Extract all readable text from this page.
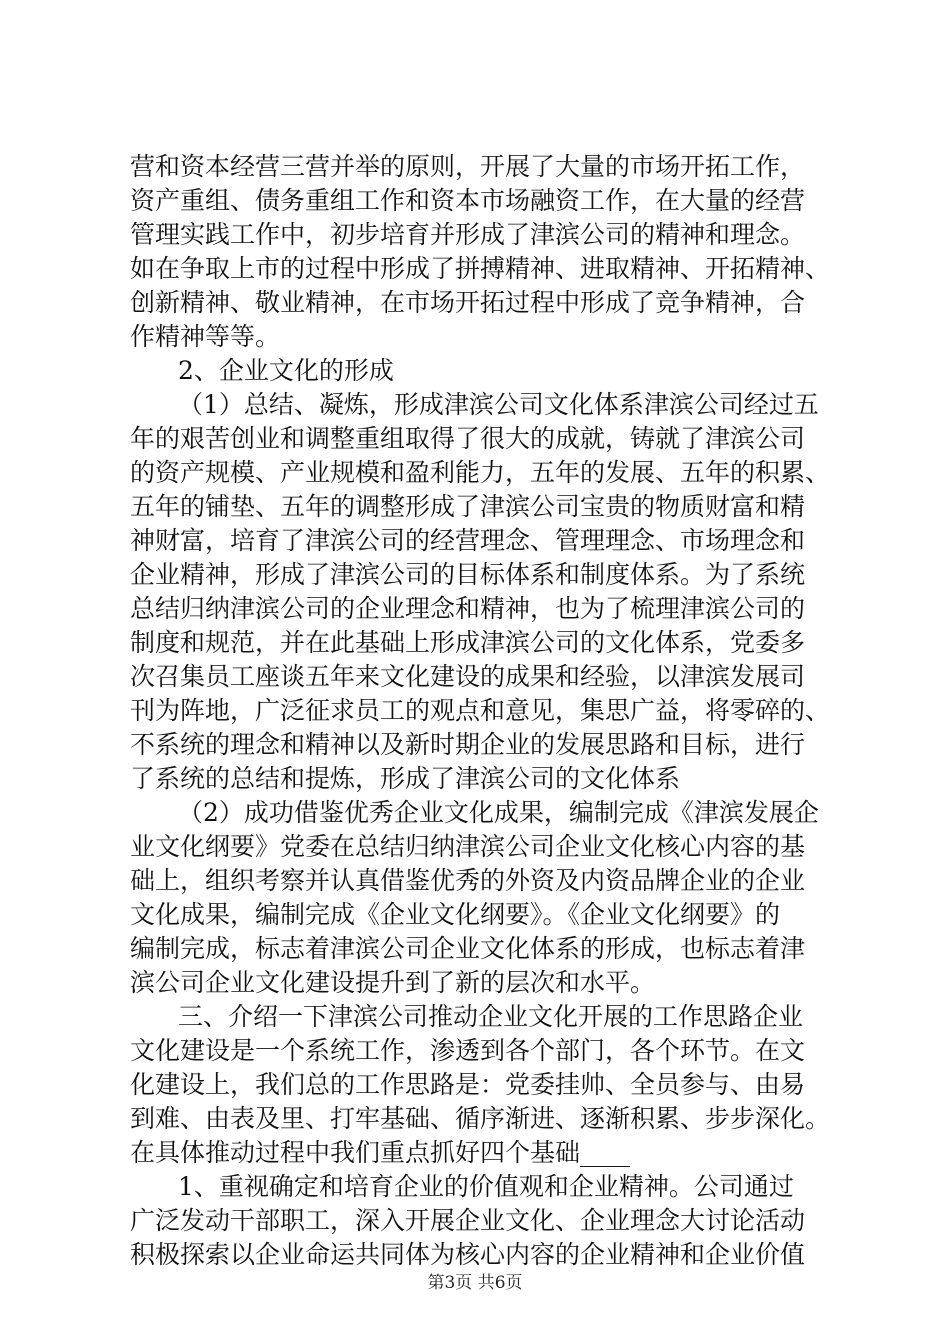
营和资本经营三营并举的原则，开展了大量的市场开拓工作，
资产重组、债务重组工作和资本市场融资工作，在大量的经营
管理实践工作中，初步培育并形成了津滨公司的精神和理念。
如在争取上市的过程中形成了拼搏精神、进取精神、开拓精神、
创新精神、敬业精神，在市场开拓过程中形成了竞争精神，合
作精神等等。
2、企业文化的形成
（1）总结、凝炼，形成津滨公司文化体系津滨公司经过五
年的艰苦创业和调整重组取得了很大的成就，铸就了津滨公司
的资产规模、产业规模和盈利能力，五年的发展、五年的积累、
五年的铺垫、五年的调整形成了津滨公司宝贵的物质财富和精
神财富，培育了津滨公司的经营理念、管理理念、市场理念和
企业精神，形成了津滨公司的目标体系和制度体系。为了系统
总结归纳津滨公司的企业理念和精神，也为了梳理津滨公司的
制度和规范，并在此基础上形成津滨公司的文化体系，党委多
次召集员工座谈五年来文化建设的成果和经验，以津滨发展司
刊为阵地，广泛征求员工的观点和意见，集思广益，将零碎的、
不系统的理念和精神以及新时期企业的发展思路和目标，进行
了系统的总结和提炼，形成了津滨公司的文化体系
（2）成功借鉴优秀企业文化成果，编制完成《津滨发展企
业文化纲要》党委在总结归纳津滨公司企业文化核心内容的基
础上，组织考察并认真借鉴优秀的外资及内资品牌企业的企业
文化成果，编制完成《企业文化纲要》。《企业文化纲要》的
编制完成，标志着津滨公司企业文化体系的形成，也标志着津
滨公司企业文化建设提升到了新的层次和水平。
三、介绍一下津滨公司推动企业文化开展的工作思路企业
文化建设是一个系统工作，渗透到各个部门，各个环节。在文
化建设上，我们总的工作思路是：党委挂帅、全员参与、由易
到难、由表及里、打牢基础、循序渐进、逐渐积累、步步深化。
在具体推动过程中我们重点抓好四个基础____
1、重视确定和培育企业的价值观和企业精神。公司通过
广泛发动干部职工，深入开展企业文化、企业理念大讨论活动
积极探索以企业命运共同体为核心内容的企业精神和企业价值
第3页 共6页
